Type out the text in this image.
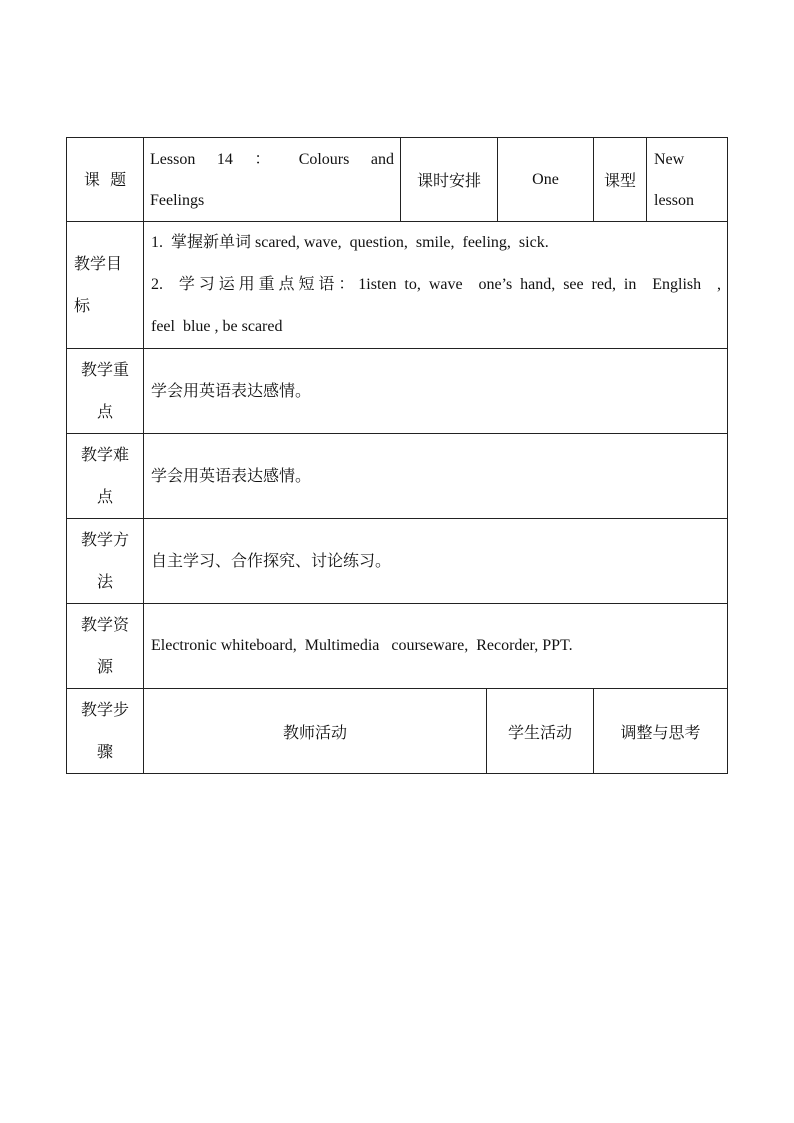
课  题	Lesson  14  ：  Colours  and
Feelings	课时安排		One	课型	New
lesson

教学目
标	1.  掌握新单词 scared, wave,  question,  smile,  feeling,  sick.
2.  学习运用重点短语：1isten to, wave  one’s hand, see red, in  English  ,
feel  blue , be scared					

教学重
点	学会用英语表达感情。					

教学难
点	学会用英语表达感情。					

教学方
法	自主学习、合作探究、讨论练习。					

教学资
源	Electronic whiteboard,  Multimedia   courseware,  Recorder, PPT.					

教学步
骤	教师活动		学生活动		调整与思考	
